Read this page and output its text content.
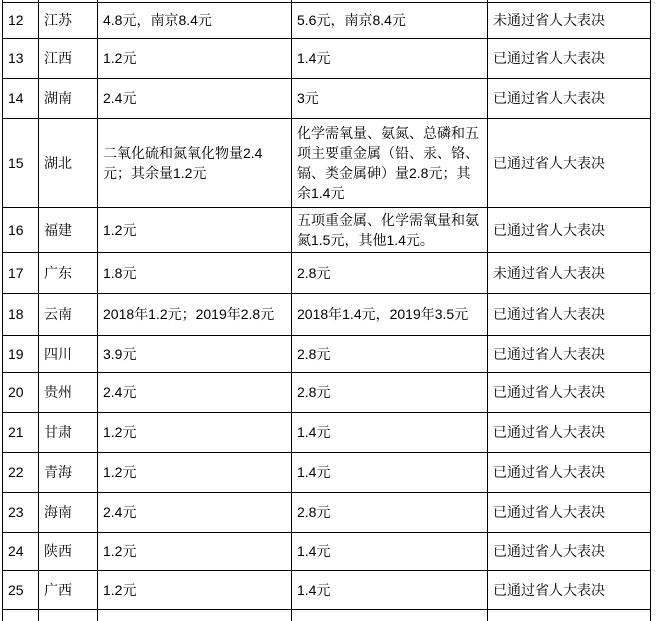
12	江苏	4.8元，南京8.4元	5.6元，南京8.4元	未通过省人大表决
13	江西	1.2元	1.4元	已通过省人大表决
14	湖南	2.4元	3元	已通过省人大表决
15	湖北	二氧化硫和氮氧化物量2.4元；其余量1.2元	化学需氧量、氨氮、总磷和五项主要重金属（铅、汞、铬、镉、类金属砷）量2.8元；其余1.4元	已通过省人大表决
16	福建	1.2元	五项重金属、化学需氧量和氨氮1.5元，其他1.4元。	已通过省人大表决
17	广东	1.8元	2.8元	未通过省人大表决
18	云南	2018年1.2元；2019年2.8元	2018年1.4元，2019年3.5元	已通过省人大表决
19	四川	3.9元	2.8元	已通过省人大表决
20	贵州	2.4元	2.8元	已通过省人大表决
21	甘肃	1.2元	1.4元	已通过省人大表决
22	青海	1.2元	1.4元	已通过省人大表决
23	海南	2.4元	2.8元	已通过省人大表决
24	陕西	1.2元	1.4元	已通过省人大表决
25	广西	1.2元	1.4元	已通过省人大表决
